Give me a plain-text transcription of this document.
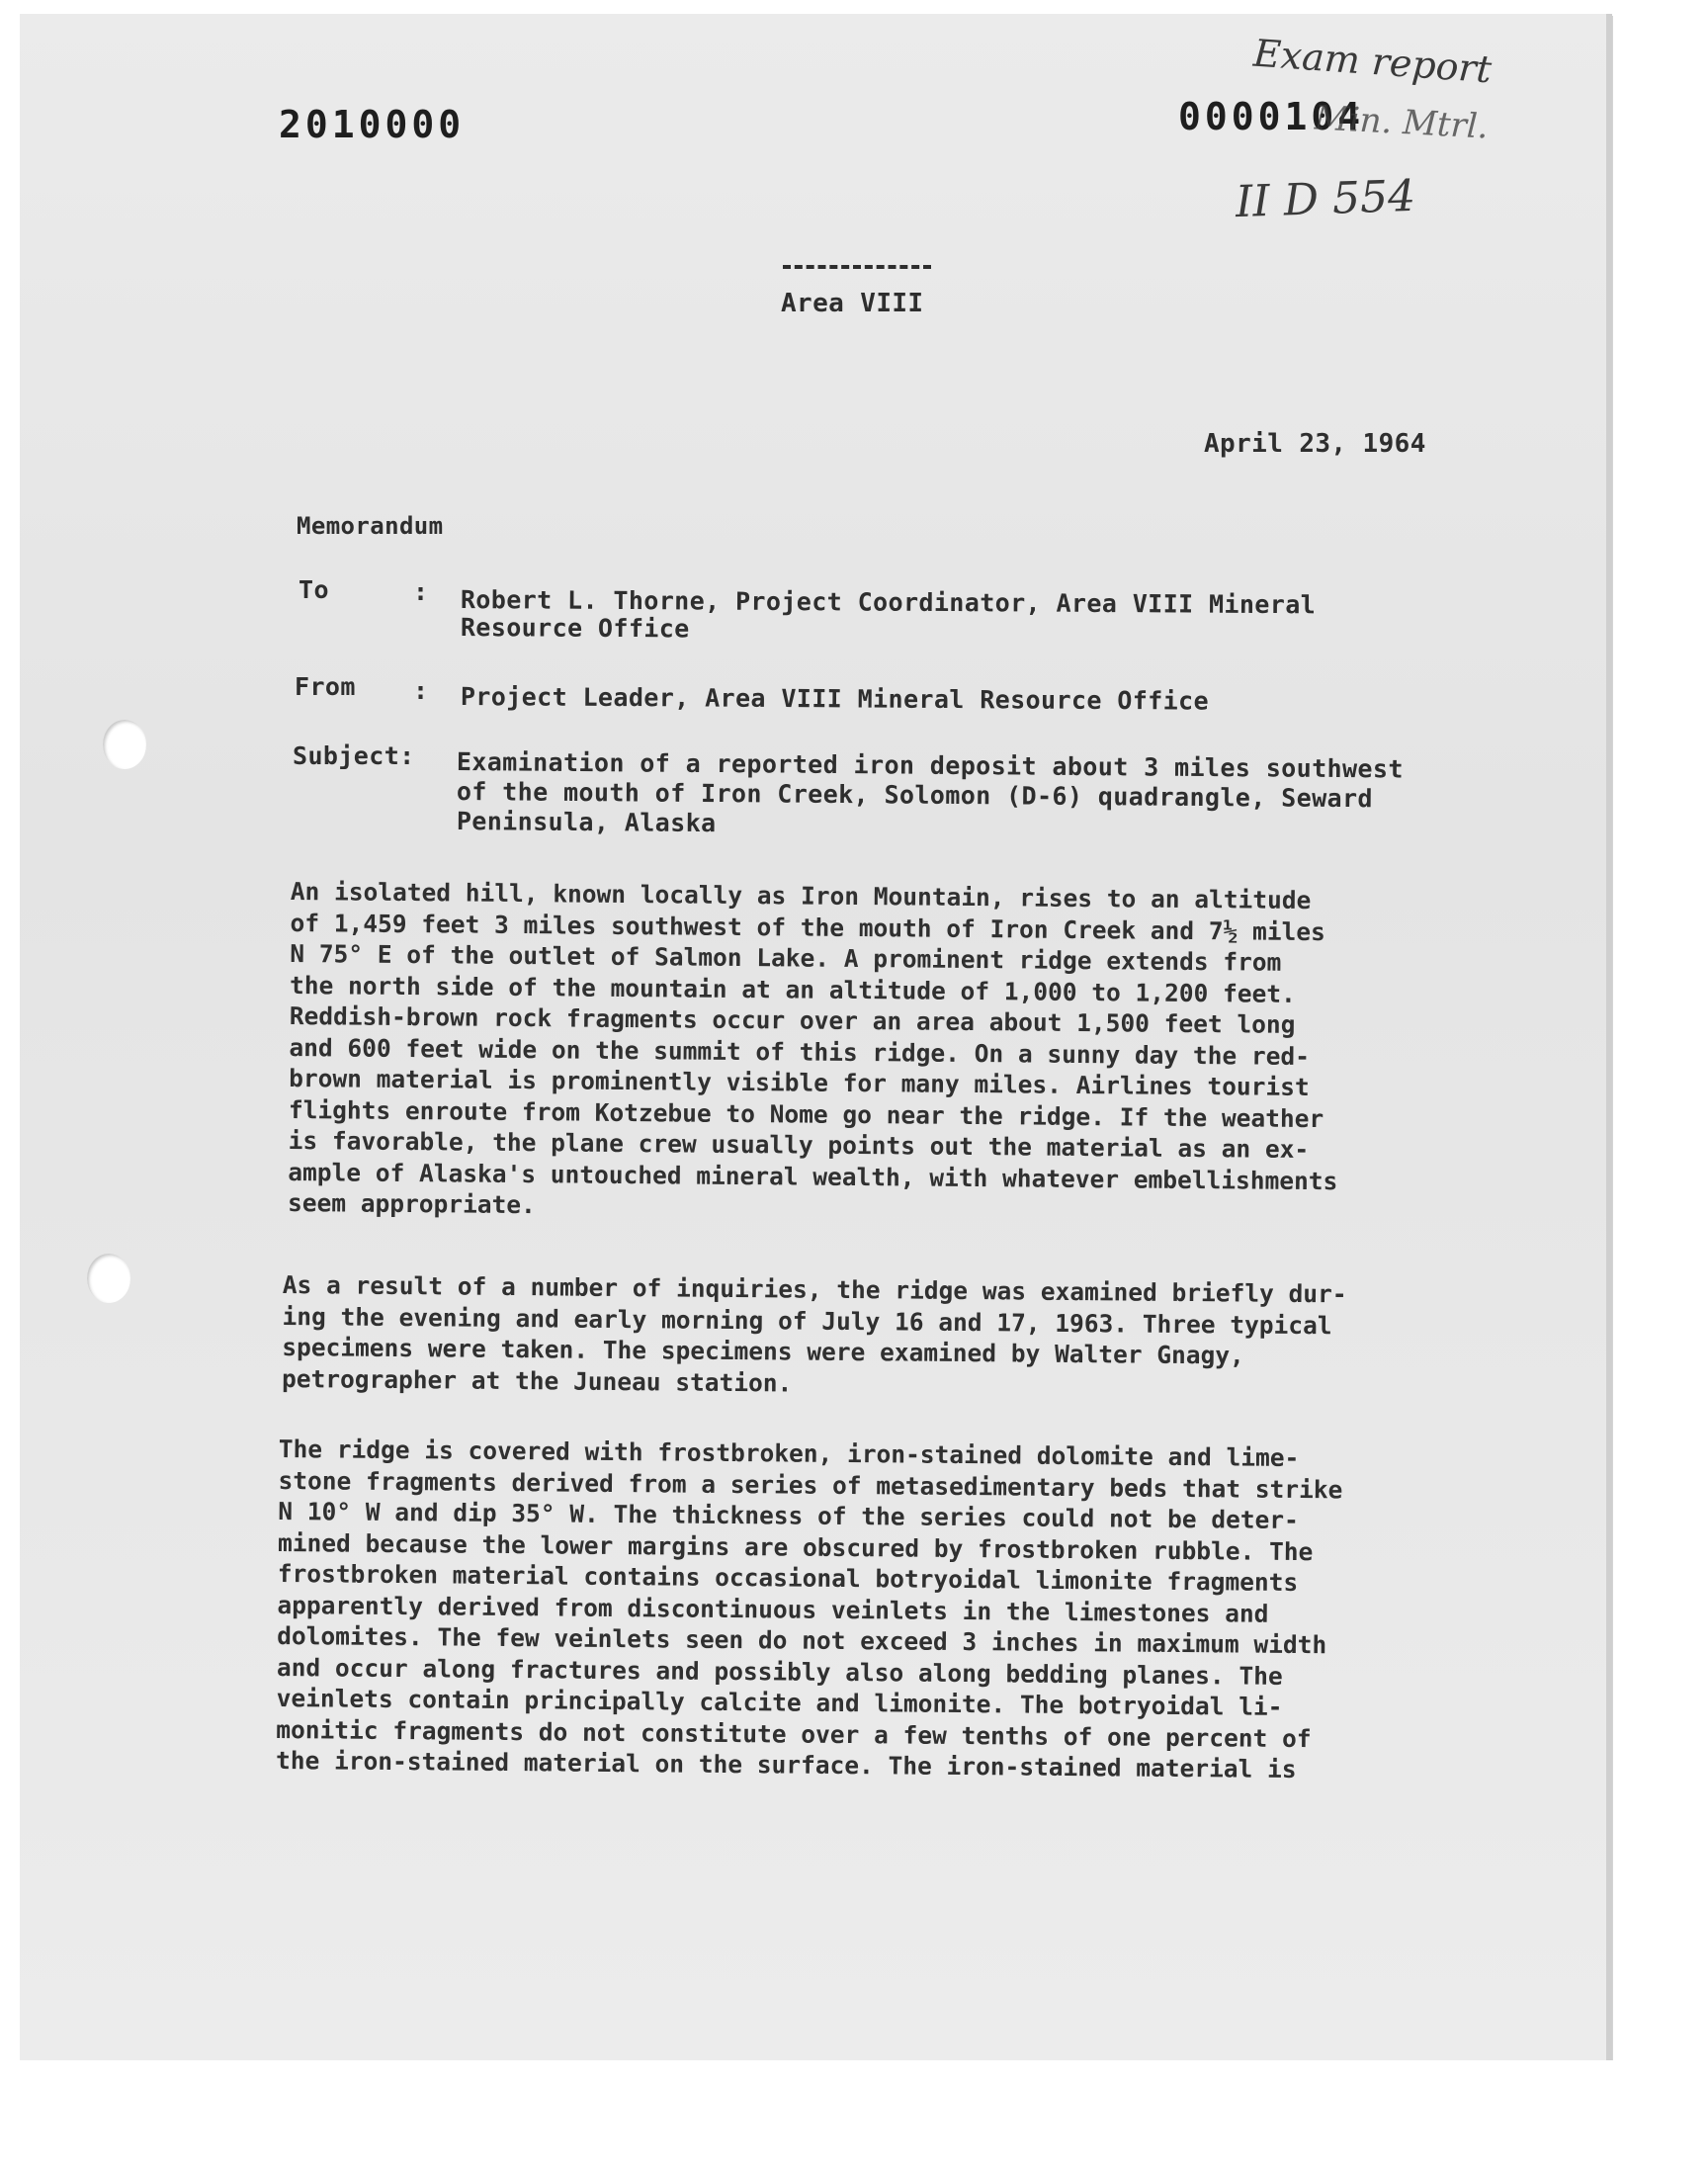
2010000	0000104
Exam report
Min. Mtrl.
II D 554
Area VIII
April 23, 1964
Memorandum
To	: Robert L. Thorne, Project Coordinator, Area VIII Mineral
Resource Office
From : Project Leader, Area VIII Mineral Resource Office
Subject: Examination of a reported iron deposit about 3 miles southwest
of the mouth of Iron Creek, Solomon (D-6) quadrangle, Seward
Peninsula, Alaska
An isolated hill, known locally as Iron Mountain, rises to an altitude
of 1,459 feet 3 miles southwest of the mouth of Iron Creek and 7½ miles
N 75° E of the outlet of Salmon Lake. A prominent ridge extends from
the north side of the mountain at an altitude of 1,000 to 1,200 feet.
Reddish-brown rock fragments occur over an area about 1,500 feet long
and 600 feet wide on the summit of this ridge. On a sunny day the red-
brown material is prominently visible for many miles. Airlines tourist
flights enroute from Kotzebue to Nome go near the ridge. If the weather
is favorable, the plane crew usually points out the material as an ex-
ample of Alaska's untouched mineral wealth, with whatever embellishments
seem appropriate.
As a result of a number of inquiries, the ridge was examined briefly dur-
ing the evening and early morning of July 16 and 17, 1963. Three typical
specimens were taken. The specimens were examined by Walter Gnagy,
petrographer at the Juneau station.
The ridge is covered with frostbroken, iron-stained dolomite and lime-
stone fragments derived from a series of metasedimentary beds that strike
N 10° W and dip 35° W. The thickness of the series could not be deter-
mined because the lower margins are obscured by frostbroken rubble. The
frostbroken material contains occasional botryoidal limonite fragments
apparently derived from discontinuous veinlets in the limestones and
dolomites. The few veinlets seen do not exceed 3 inches in maximum width
and occur along fractures and possibly also along bedding planes. The
veinlets contain principally calcite and limonite. The botryoidal li-
monitic fragments do not constitute over a few tenths of one percent of
the iron-stained material on the surface. The iron-stained material is
